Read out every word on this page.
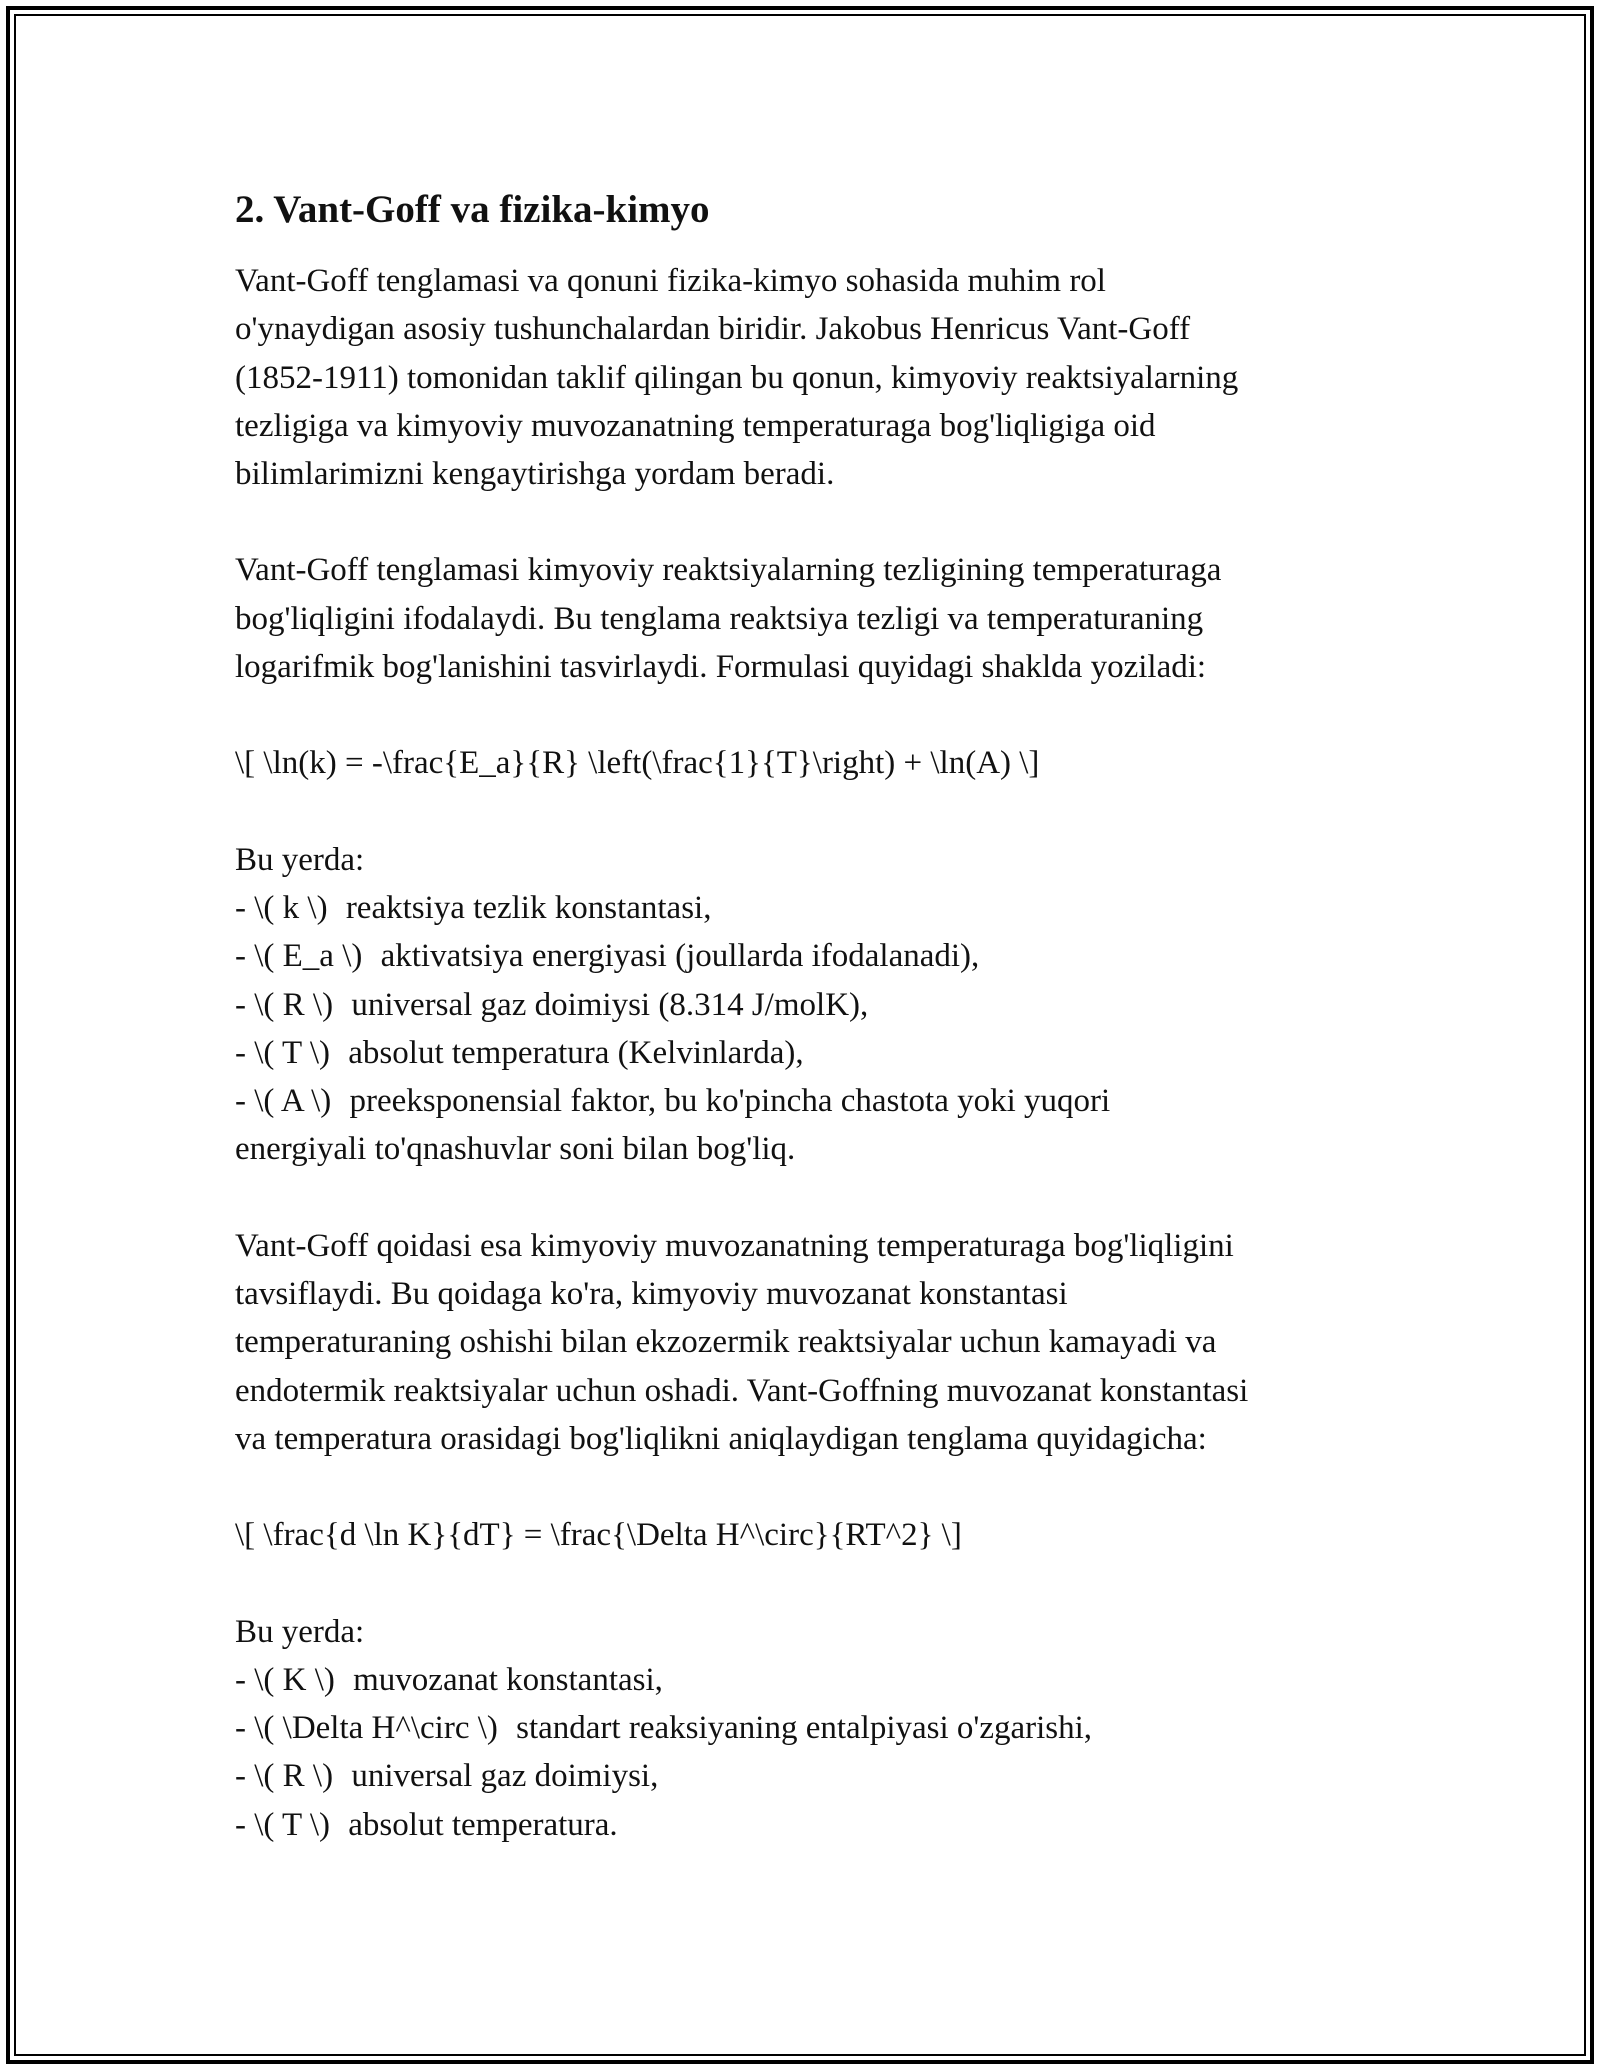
2. Vant-Goff va fizika-kimyo
Vant-Goff tenglamasi va qonuni fizika-kimyo sohasida muhim rol
o'ynaydigan asosiy tushunchalardan biridir. Jakobus Henricus Vant-Goff
(1852-1911) tomonidan taklif qilingan bu qonun, kimyoviy reaktsiyalarning
tezligiga va kimyoviy muvozanatning temperaturaga bog'liqligiga oid
bilimlarimizni kengaytirishga yordam beradi.
Vant-Goff tenglamasi kimyoviy reaktsiyalarning tezligining temperaturaga
bog'liqligini ifodalaydi. Bu tenglama reaktsiya tezligi va temperaturaning
logarifmik bog'lanishini tasvirlaydi. Formulasi quyidagi shakldа yoziladi:
\[ \ln(k) = -\frac{E_a}{R} \left(\frac{1}{T}\right) + \ln(A) \]
Bu yerda:
- \( k \) reaktsiya tezlik konstantasi,
- \( E_a \) aktivatsiya energiyasi (joullarda ifodalanadi),
- \( R \) universal gaz doimiysi (8.314 J/molK),
- \( T \) absolut temperatura (Kelvinlarda),
- \( A \) preeksponensial faktor, bu ko'pincha chastota yoki yuqori
energiyali to'qnashuvlar soni bilan bog'liq.
Vant-Goff qoidasi esa kimyoviy muvozanatning temperaturaga bog'liqligini
tavsiflaydi. Bu qoidaga ko'ra, kimyoviy muvozanat konstantasi
temperaturaning oshishi bilan ekzozermik reaktsiyalar uchun kamayadi va
endotermik reaktsiyalar uchun oshadi. Vant-Goffning muvozanat konstantasi
va temperatura orasidagi bog'liqlikni aniqlaydigan tenglama quyidagicha:
\[ \frac{d \ln K}{dT} = \frac{\Delta H^\circ}{RT^2} \]
Bu yerda:
- \( K \) muvozanat konstantasi,
- \( \Delta H^\circ \) standart reaksiyaning entalpiyasi o'zgarishi,
- \( R \) universal gaz doimiysi,
- \( T \) absolut temperatura.
